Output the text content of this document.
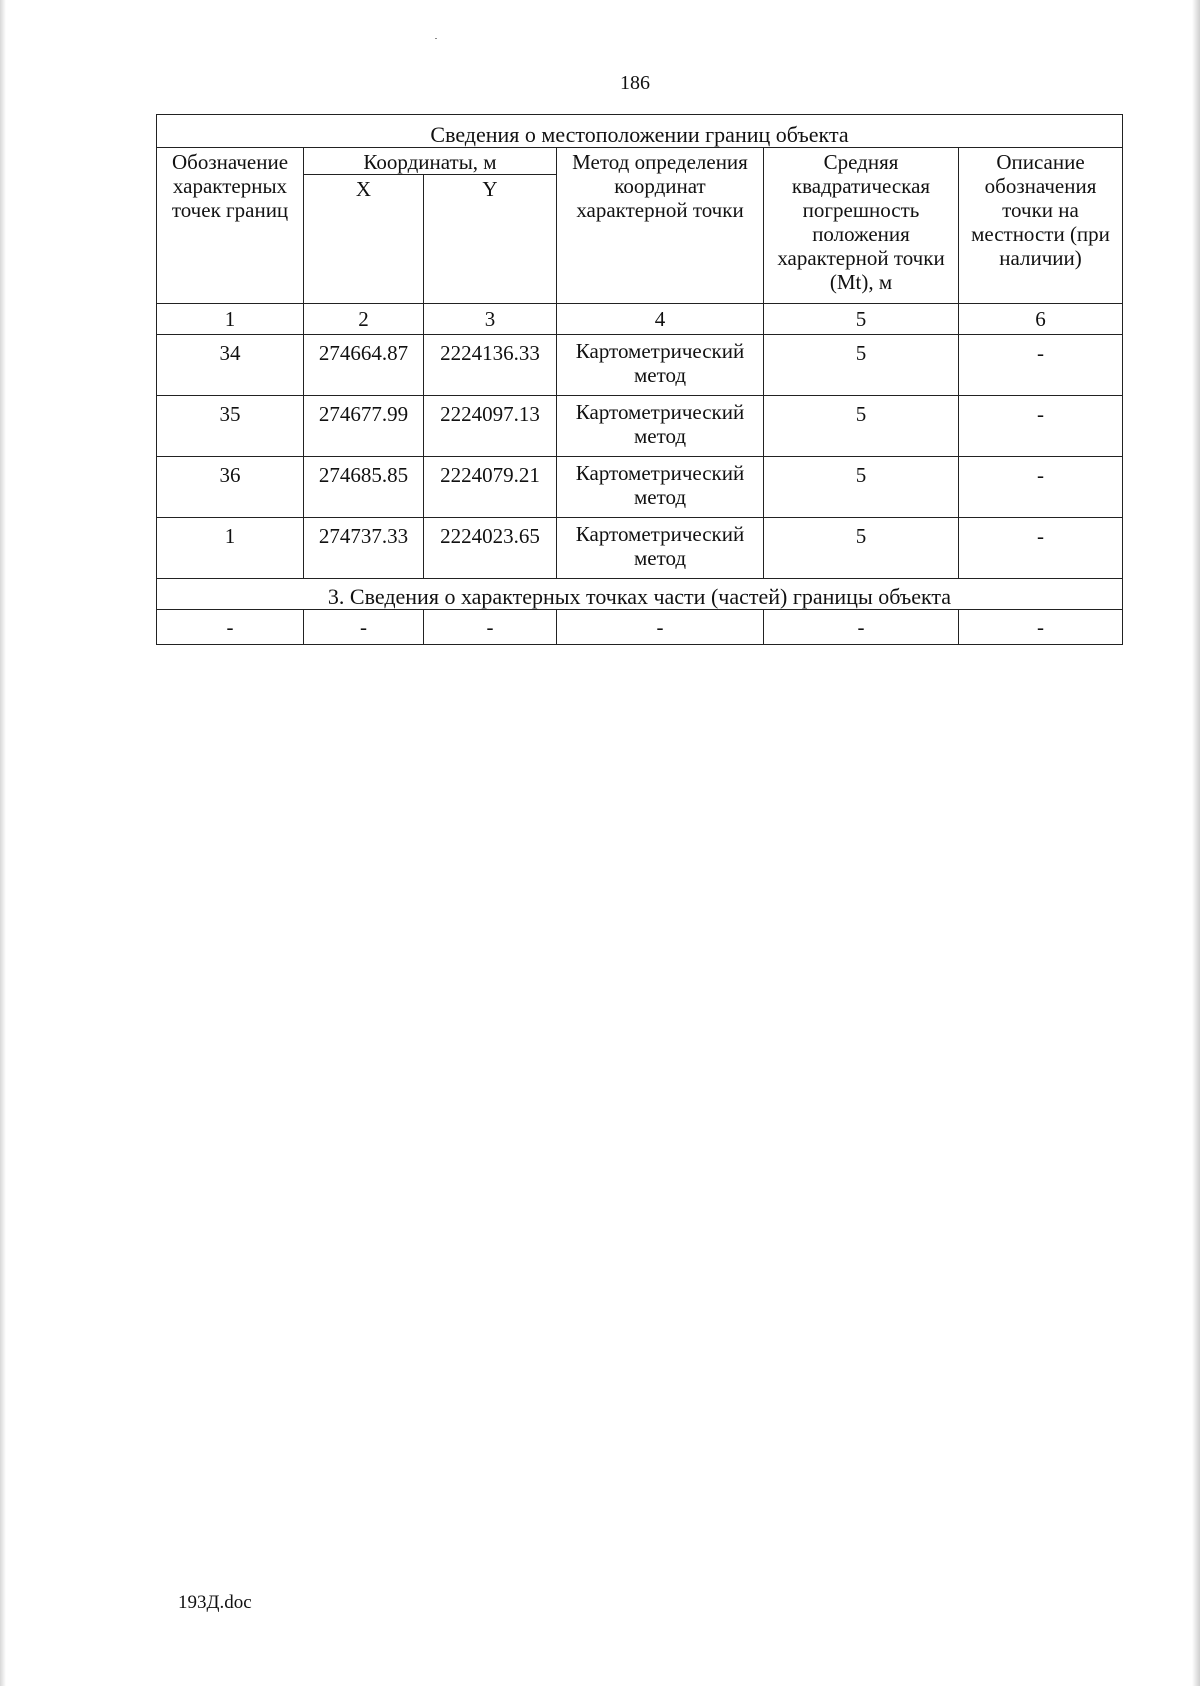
186
Сведения о местоположении границ объекта					
Обозначение характерных точек границ	Координаты, м		Метод определения координат характерной точки	Средняя квадратическая погрешность положения характерной точки (Mt), м	Описание обозначения точки на местности (при наличии)
	X	Y			
1	2	3	4	5	6
34	274664.87	2224136.33	Картометрический метод	5	-
35	274677.99	2224097.13	Картометрический метод	5	-
36	274685.85	2224079.21	Картометрический метод	5	-
1	274737.33	2224023.65	Картометрический метод	5	-
3. Сведения о характерных точках части (частей) границы объекта					
-	-	-	-	-	-
193Д.doc
